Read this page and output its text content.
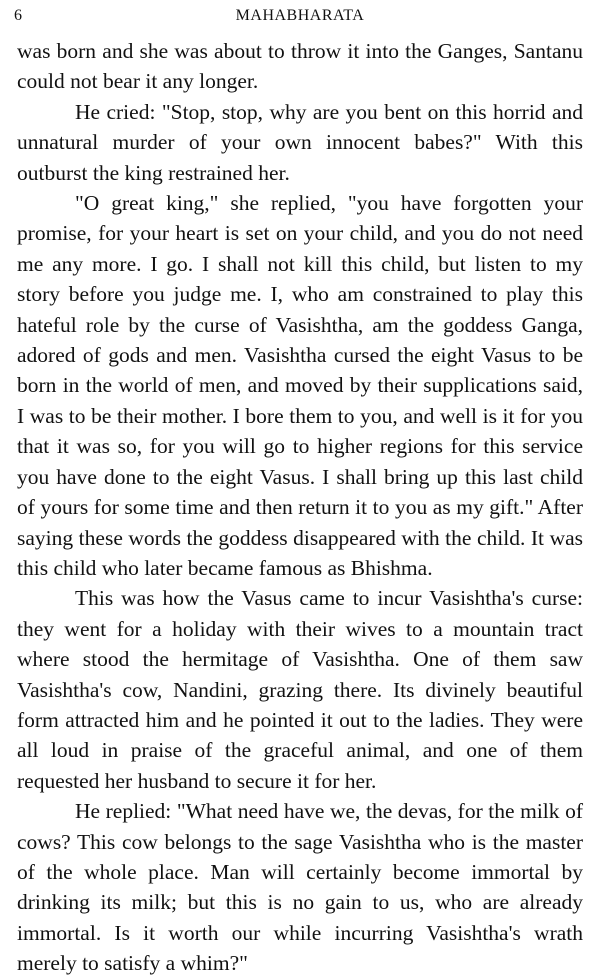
6	MAHABHARATA

was born and she was about to throw it into the Ganges, Santanu could not bear it any longer.

He cried: "Stop, stop, why are you bent on this horrid and unnatural murder of your own innocent babes?" With this outburst the king restrained her.

"O great king," she replied, "you have forgotten your promise, for your heart is set on your child, and you do not need me any more. I go. I shall not kill this child, but listen to my story before you judge me. I, who am constrained to play this hateful role by the curse of Vasishtha, am the goddess Ganga, adored of gods and men. Vasishtha cursed the eight Vasus to be born in the world of men, and moved by their supplications said, I was to be their mother. I bore them to you, and well is it for you that it was so, for you will go to higher regions for this service you have done to the eight Vasus. I shall bring up this last child of yours for some time and then return it to you as my gift." After saying these words the goddess disappeared with the child. It was this child who later became famous as Bhishma.

This was how the Vasus came to incur Vasishtha's curse: they went for a holiday with their wives to a mountain tract where stood the hermitage of Vasishtha. One of them saw Vasishtha's cow, Nandini, grazing there. Its divinely beautiful form attracted him and he pointed it out to the ladies. They were all loud in praise of the graceful animal, and one of them requested her husband to secure it for her.

He replied: "What need have we, the devas, for the milk of cows? This cow belongs to the sage Vasishtha who is the master of the whole place. Man will certainly become immortal by drinking its milk; but this is no gain to us, who are already immortal. Is it worth our while incurring Vasishtha's wrath merely to satisfy a whim?"
